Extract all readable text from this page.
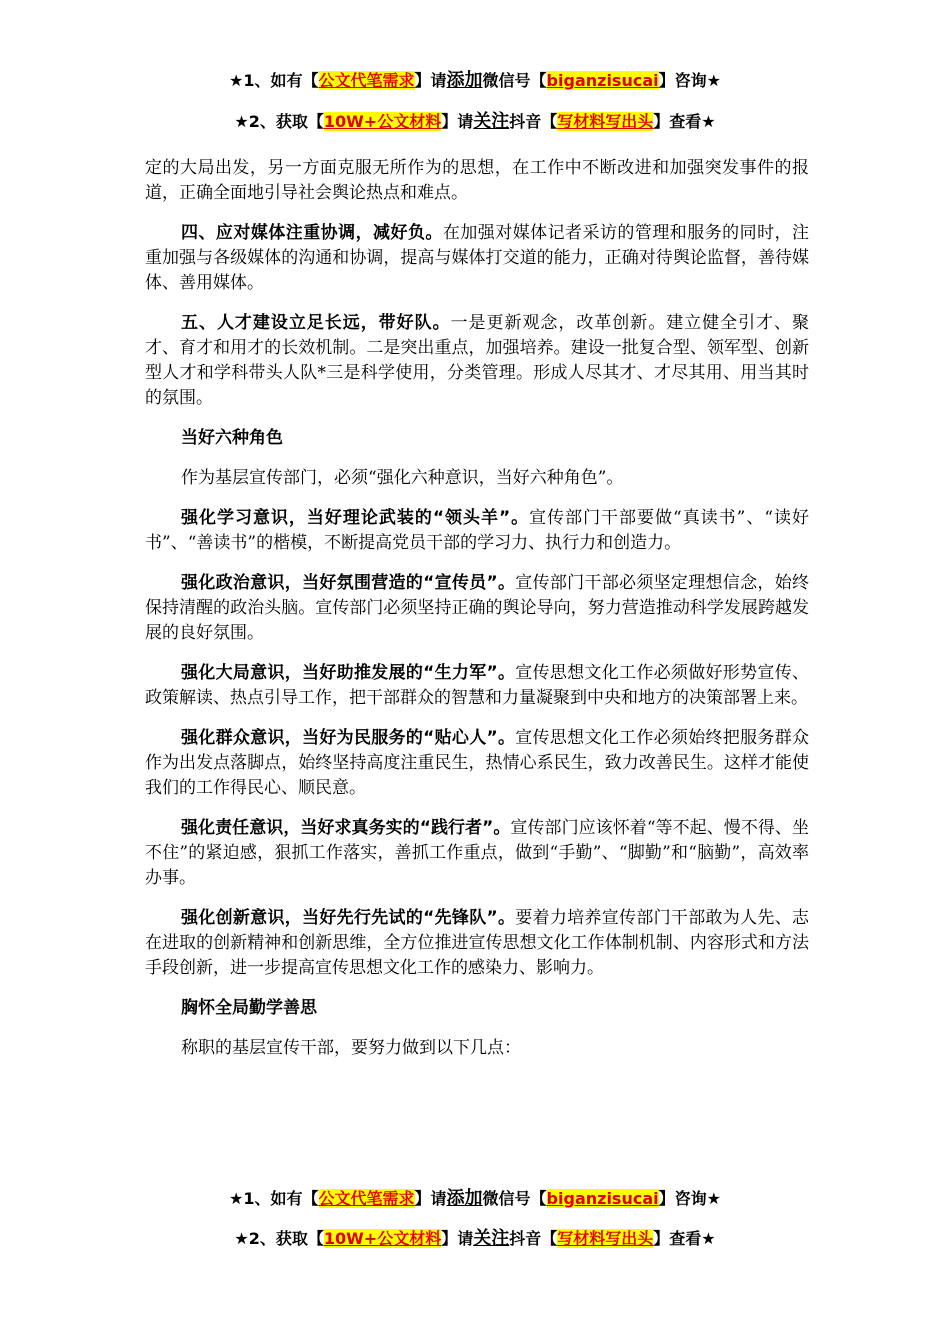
★1、如有【公文代笔需求】请添加微信号【biganzisucai】咨询★
★2、获取【10W+公文材料】请关注抖音【写材料写出头】查看★

定的大局出发，另一方面克服无所作为的思想，在工作中不断改进和加强突发事件的报道，正确全面地引导社会舆论热点和难点。

四、应对媒体注重协调，减好负。在加强对媒体记者采访的管理和服务的同时，注重加强与各级媒体的沟通和协调，提高与媒体打交道的能力，正确对待舆论监督，善待媒体、善用媒体。

五、人才建设立足长远，带好队。一是更新观念，改革创新。建立健全引才、聚才、育才和用才的长效机制。二是突出重点，加强培养。建设一批复合型、领军型、创新型人才和学科带头人队*三是科学使用，分类管理。形成人尽其才、才尽其用、用当其时的氛围。

当好六种角色

作为基层宣传部门，必须“强化六种意识，当好六种角色”。

强化学习意识，当好理论武装的“领头羊”。宣传部门干部要做“真读书”、“读好书”、“善读书”的楷模，不断提高党员干部的学习力、执行力和创造力。

强化政治意识，当好氛围营造的“宣传员”。宣传部门干部必须坚定理想信念，始终保持清醒的政治头脑。宣传部门必须坚持正确的舆论导向，努力营造推动科学发展跨越发展的良好氛围。

强化大局意识，当好助推发展的“生力军”。宣传思想文化工作必须做好形势宣传、政策解读、热点引导工作，把干部群众的智慧和力量凝聚到中央和地方的决策部署上来。

强化群众意识，当好为民服务的“贴心人”。宣传思想文化工作必须始终把服务群众作为出发点落脚点，始终坚持高度注重民生，热情心系民生，致力改善民生。这样才能使我们的工作得民心、顺民意。

强化责任意识，当好求真务实的“践行者”。宣传部门应该怀着“等不起、慢不得、坐不住”的紧迫感，狠抓工作落实，善抓工作重点，做到“手勤”、“脚勤”和“脑勤”，高效率办事。

强化创新意识，当好先行先试的“先锋队”。要着力培养宣传部门干部敢为人先、志在进取的创新精神和创新思维，全方位推进宣传思想文化工作体制机制、内容形式和方法手段创新，进一步提高宣传思想文化工作的感染力、影响力。

胸怀全局勤学善思

称职的基层宣传干部，要努力做到以下几点：

★1、如有【公文代笔需求】请添加微信号【biganzisucai】咨询★
★2、获取【10W+公文材料】请关注抖音【写材料写出头】查看★
